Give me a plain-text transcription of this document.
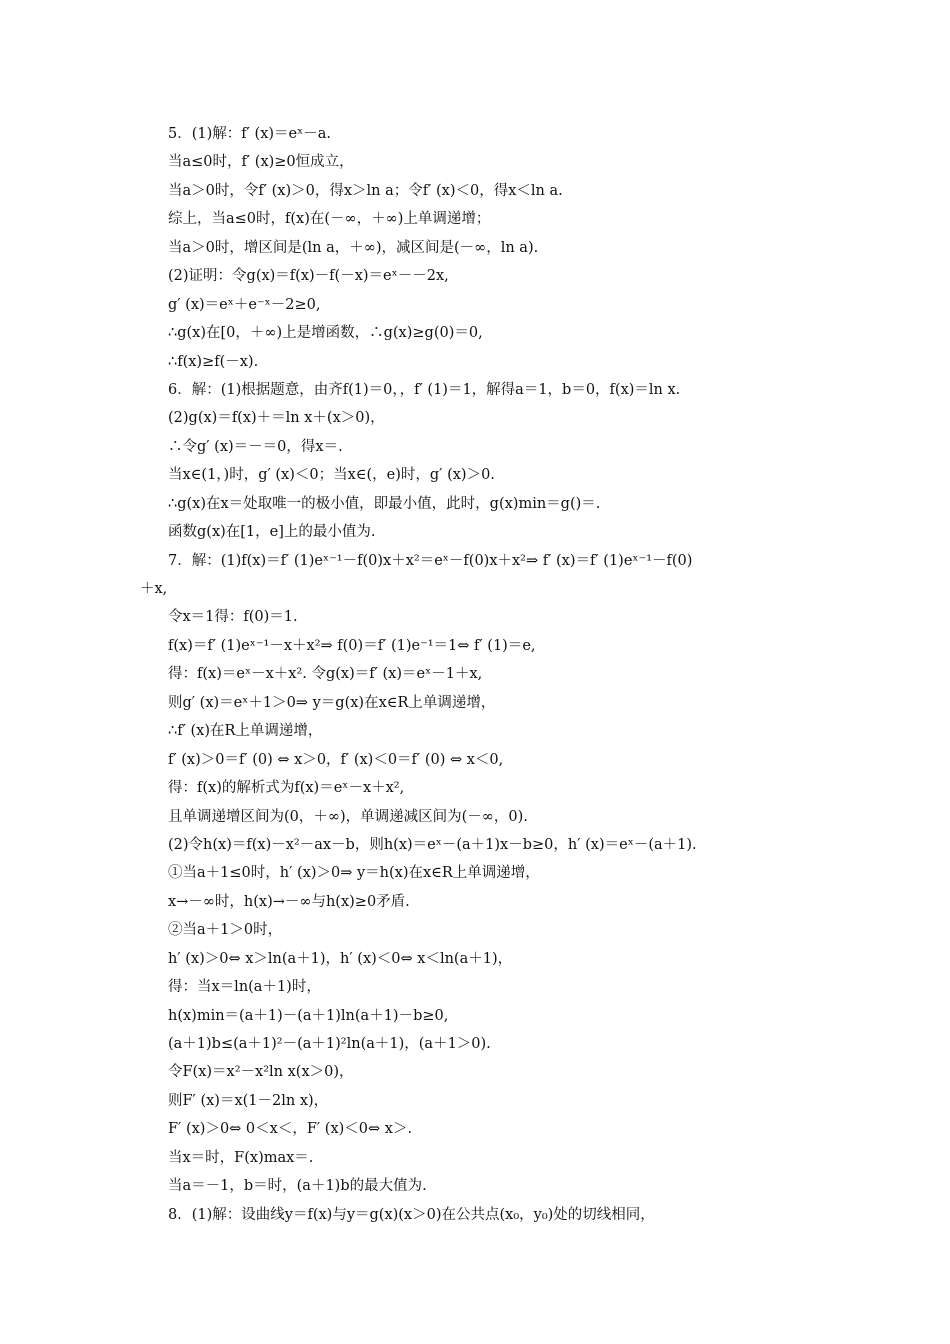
5．(1)解：f′ (x)＝eˣ－a.
当a≤0时，f′ (x)≥0恒成立，
当a＞0时，令f′ (x)＞0，得x＞ln a；令f′ (x)＜0，得x＜ln a.
综上，当a≤0时，f(x)在(－∞，＋∞)上单调递增；
当a＞0时，增区间是(ln a，＋∞)，减区间是(－∞，ln a).
(2)证明：令g(x)＝f(x)－f(－x)＝eˣ－－2x,
g′ (x)＝eˣ＋e⁻ˣ－2≥0,
∴g(x)在[0，＋∞)上是增函数，∴g(x)≥g(0)＝0,
∴f(x)≥f(－x).
6．解：(1)根据题意，由齐f(1)＝0，，f′ (1)＝1，解得a＝1，b＝0，f(x)＝ln x.
(2)g(x)＝f(x)＋＝ln x＋(x＞0)，
∴令g′ (x)＝－＝0，得x＝.
当x∈(1，)时，g′ (x)＜0；当x∈(，e)时，g′ (x)＞0.
∴g(x)在x＝处取唯一的极小值，即最小值，此时，g(x)min＝g()＝.
函数g(x)在[1，e]上的最小值为.
7．解：(1)f(x)＝f′ (1)eˣ⁻¹－f(0)x＋x²＝eˣ－f(0)x＋x²⇒ f′ (x)＝f′ (1)eˣ⁻¹－f(0)
＋x,
令x＝1得：f(0)＝1.
f(x)＝f′ (1)eˣ⁻¹－x＋x²⇒ f(0)＝f′ (1)e⁻¹＝1⇔ f′ (1)＝e,
得：f(x)＝eˣ－x＋x². 令g(x)＝f′ (x)＝eˣ－1＋x,
则g′ (x)＝eˣ＋1＞0⇒ y＝g(x)在x∈R上单调递增，
∴f′ (x)在R上单调递增，
f′ (x)＞0＝f′ (0) ⇔ x＞0，f′ (x)＜0＝f′ (0) ⇔ x＜0,
得：f(x)的解析式为f(x)＝eˣ－x＋x²,
且单调递增区间为(0，＋∞)，单调递减区间为(－∞，0).
(2)令h(x)＝f(x)－x²－ax－b，则h(x)＝eˣ－(a＋1)x－b≥0，h′ (x)＝eˣ－(a＋1).
①当a＋1≤0时，h′ (x)＞0⇒ y＝h(x)在x∈R上单调递增，
x→－∞时，h(x)→－∞与h(x)≥0矛盾.
②当a＋1＞0时，
h′ (x)＞0⇔ x＞ln(a＋1)，h′ (x)＜0⇔ x＜ln(a＋1)，
得：当x＝ln(a＋1)时，
h(x)min＝(a＋1)－(a＋1)ln(a＋1)－b≥0,
(a＋1)b≤(a＋1)²－(a＋1)²ln(a＋1)，(a＋1＞0).
令F(x)＝x²－x²ln x(x＞0)，
则F′ (x)＝x(1－2ln x)，
F′ (x)＞0⇔ 0＜x＜，F′ (x)＜0⇔ x＞.
当x＝时，F(x)max＝.
当a＝－1，b＝时，(a＋1)b的最大值为.
8．(1)解：设曲线y＝f(x)与y＝g(x)(x＞0)在公共点(x₀，y₀)处的切线相同，
